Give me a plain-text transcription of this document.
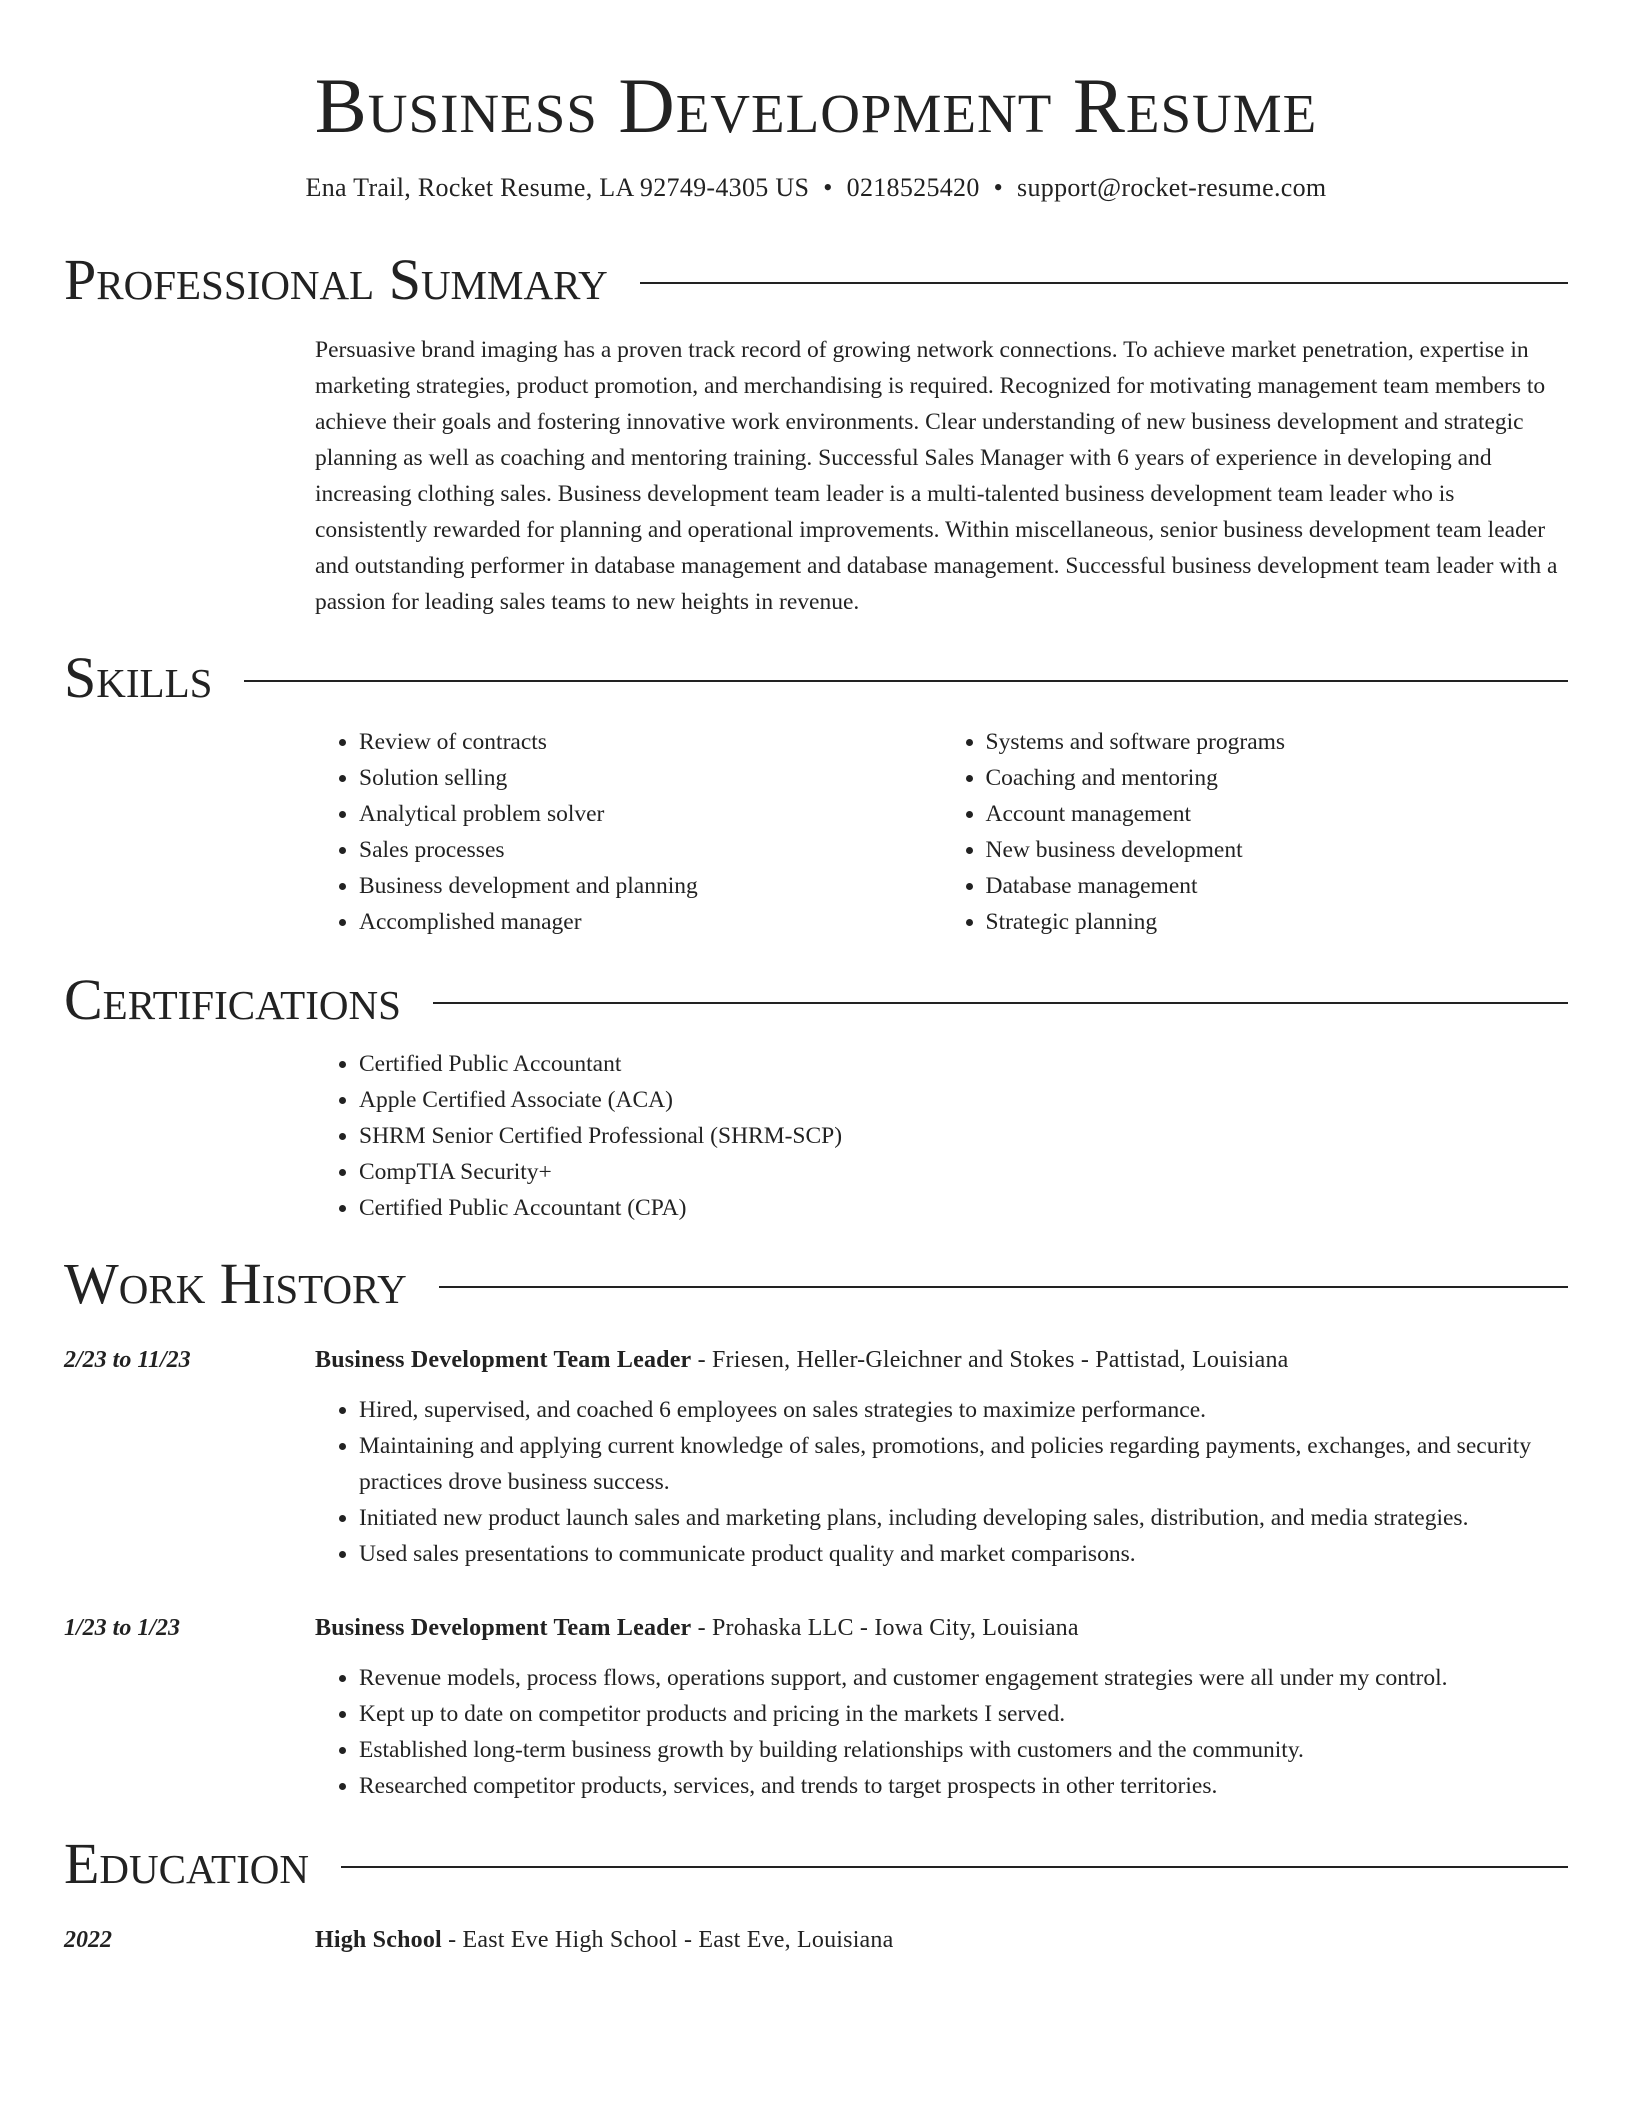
Business Development Resume
Ena Trail, Rocket Resume, LA 92749-4305 US • 0218525420 • support@rocket-resume.com
Professional Summary
Persuasive brand imaging has a proven track record of growing network connections. To achieve market penetration, expertise in marketing strategies, product promotion, and merchandising is required. Recognized for motivating management team members to achieve their goals and fostering innovative work environments. Clear understanding of new business development and strategic planning as well as coaching and mentoring training. Successful Sales Manager with 6 years of experience in developing and increasing clothing sales. Business development team leader is a multi-talented business development team leader who is consistently rewarded for planning and operational improvements. Within miscellaneous, senior business development team leader and outstanding performer in database management and database management. Successful business development team leader with a passion for leading sales teams to new heights in revenue.
Skills
• Review of contracts
• Solution selling
• Analytical problem solver
• Sales processes
• Business development and planning
• Accomplished manager
• Systems and software programs
• Coaching and mentoring
• Account management
• New business development
• Database management
• Strategic planning
Certifications
• Certified Public Accountant
• Apple Certified Associate (ACA)
• SHRM Senior Certified Professional (SHRM-SCP)
• CompTIA Security+
• Certified Public Accountant (CPA)
Work History
2/23 to 11/23	Business Development Team Leader - Friesen, Heller-Gleichner and Stokes - Pattistad, Louisiana
• Hired, supervised, and coached 6 employees on sales strategies to maximize performance.
• Maintaining and applying current knowledge of sales, promotions, and policies regarding payments, exchanges, and security practices drove business success.
• Initiated new product launch sales and marketing plans, including developing sales, distribution, and media strategies.
• Used sales presentations to communicate product quality and market comparisons.
1/23 to 1/23	Business Development Team Leader - Prohaska LLC - Iowa City, Louisiana
• Revenue models, process flows, operations support, and customer engagement strategies were all under my control.
• Kept up to date on competitor products and pricing in the markets I served.
• Established long-term business growth by building relationships with customers and the community.
• Researched competitor products, services, and trends to target prospects in other territories.
Education
2022	High School - East Eve High School - East Eve, Louisiana
